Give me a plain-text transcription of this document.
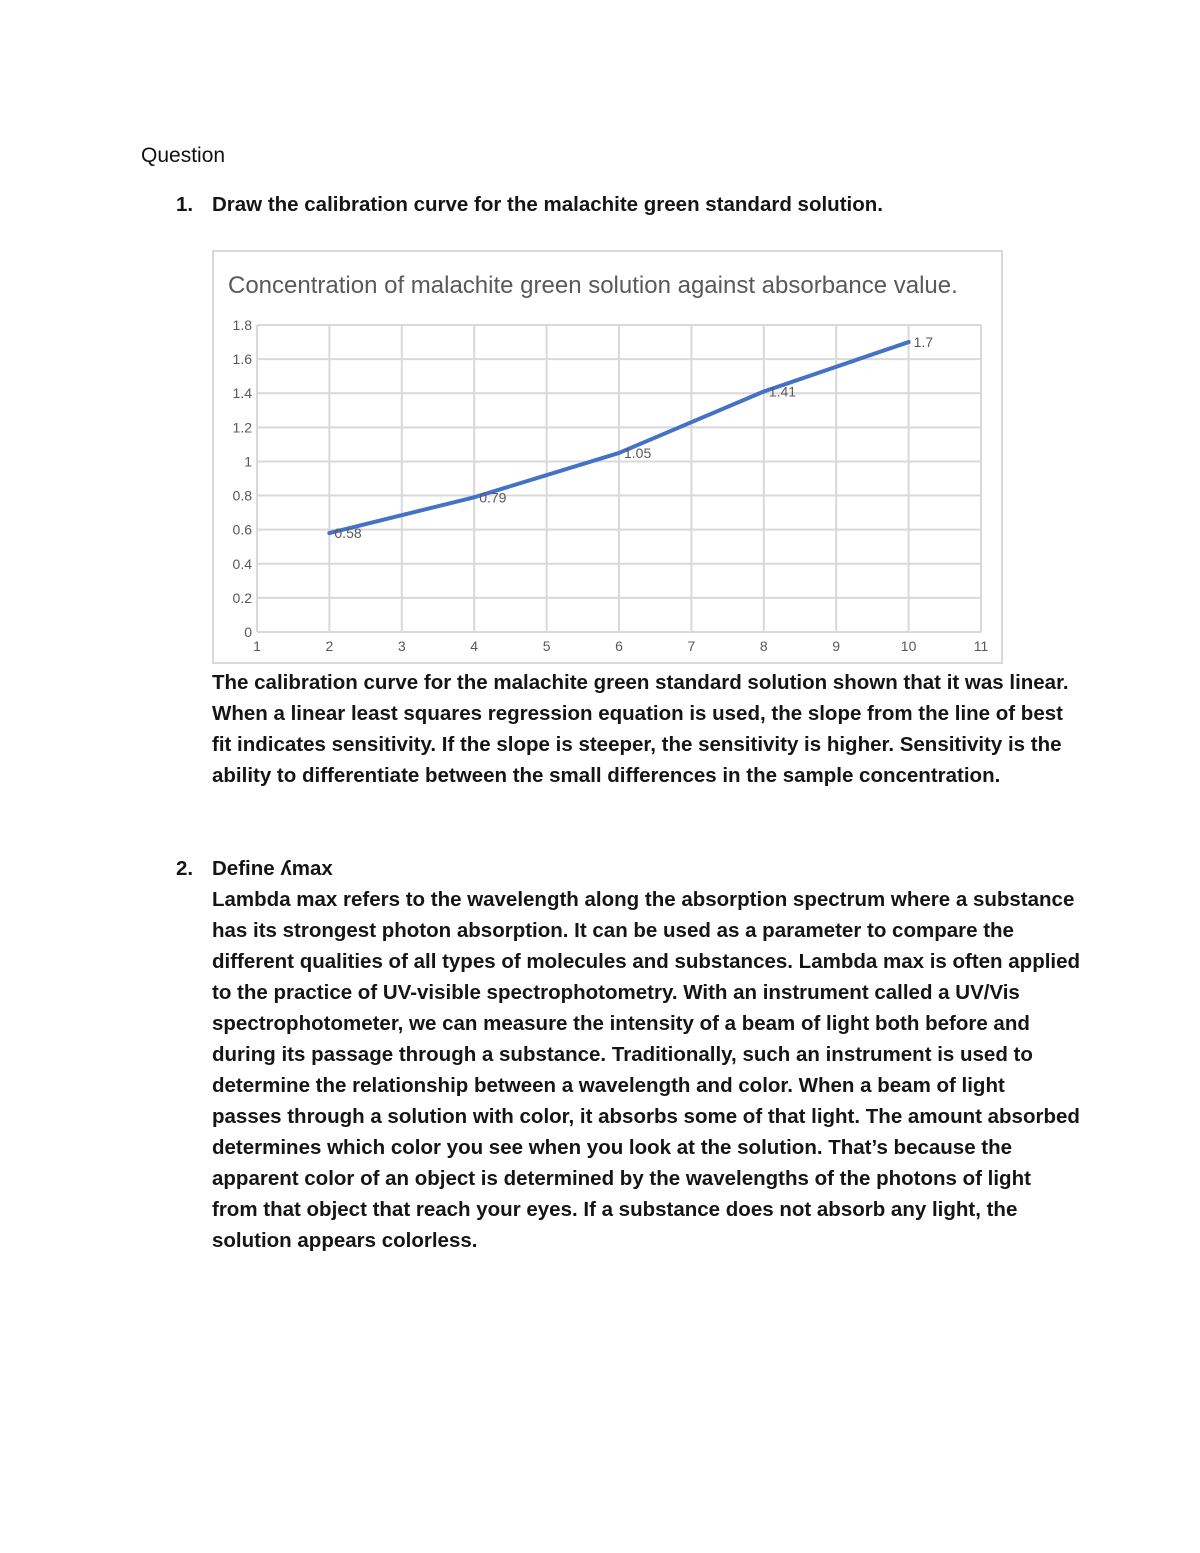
Question
1. Draw the calibration curve for the malachite green standard solution.
Concentration of malachite green solution against absorbance value.
0
0.2
0.4
0.6
0.8
1
1.2
1.4
1.6
1.8
1	2	3	4	5	6	7	8	9	10	11
0.58
0.79
1.05
1.41
1.7
The calibration curve for the malachite green standard solution shown that it was linear.
When a linear least squares regression equation is used, the slope from the line of best
fit indicates sensitivity. If the slope is steeper, the sensitivity is higher. Sensitivity is the
ability to differentiate between the small differences in the sample concentration.
2. Define ʎmax
Lambda max refers to the wavelength along the absorption spectrum where a substance
has its strongest photon absorption. It can be used as a parameter to compare the
different qualities of all types of molecules and substances. Lambda max is often applied
to the practice of UV-visible spectrophotometry. With an instrument called a UV/Vis
spectrophotometer, we can measure the intensity of a beam of light both before and
during its passage through a substance. Traditionally, such an instrument is used to
determine the relationship between a wavelength and color. When a beam of light
passes through a solution with color, it absorbs some of that light. The amount absorbed
determines which color you see when you look at the solution. That’s because the
apparent color of an object is determined by the wavelengths of the photons of light
from that object that reach your eyes. If a substance does not absorb any light, the
solution appears colorless.
